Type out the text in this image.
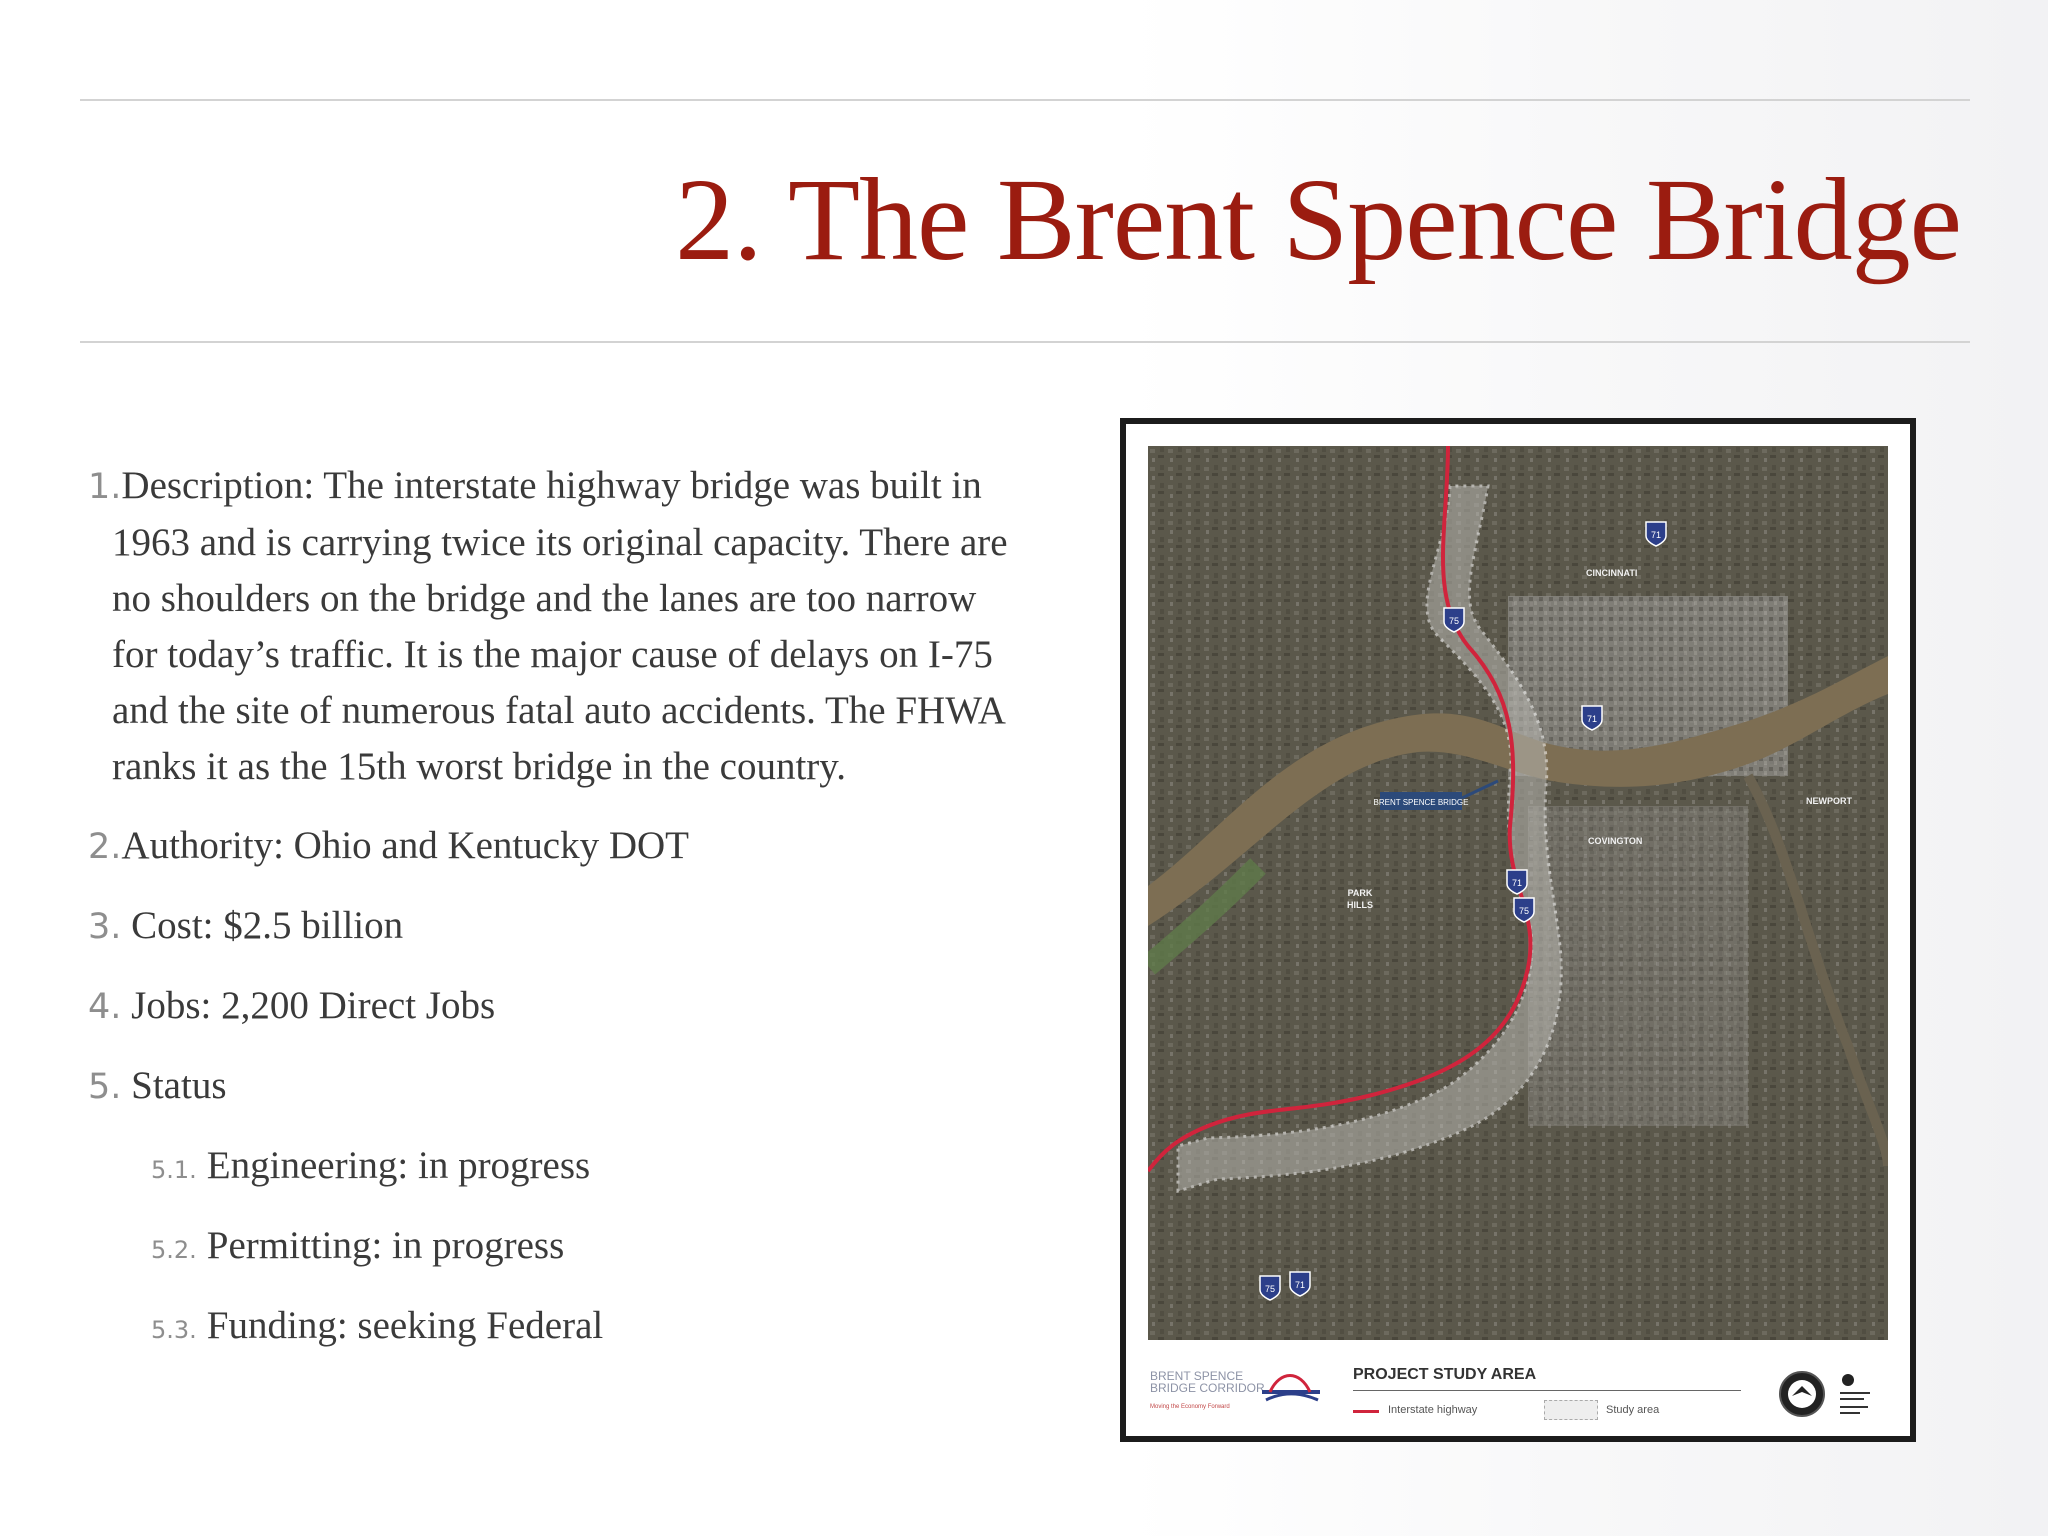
2. The Brent Spence Bridge
1.Description: The interstate highway bridge was built in 1963 and is carrying twice its original capacity. There are no shoulders on the bridge and the lanes are too narrow for today’s traffic. It is the major cause of delays on I-75 and the site of numerous fatal auto accidents. The FHWA ranks it as the 15th worst bridge in the country.
2.Authority: Ohio and Kentucky DOT
3. Cost: $2.5 billion
4. Jobs: 2,200 Direct Jobs
5. Status
5.1. Engineering: in progress
5.2. Permitting: in progress
5.3. Funding: seeking Federal
BRENT SPENCE BRIDGE
CINCINNATI
NEWPORT
COVINGTON
PARK
HILLS
71
75
71
71
75
75 71
BRENT SPENCE
BRIDGE CORRIDOR
Moving the Economy Forward
PROJECT STUDY AREA
Interstate highway	Study area
